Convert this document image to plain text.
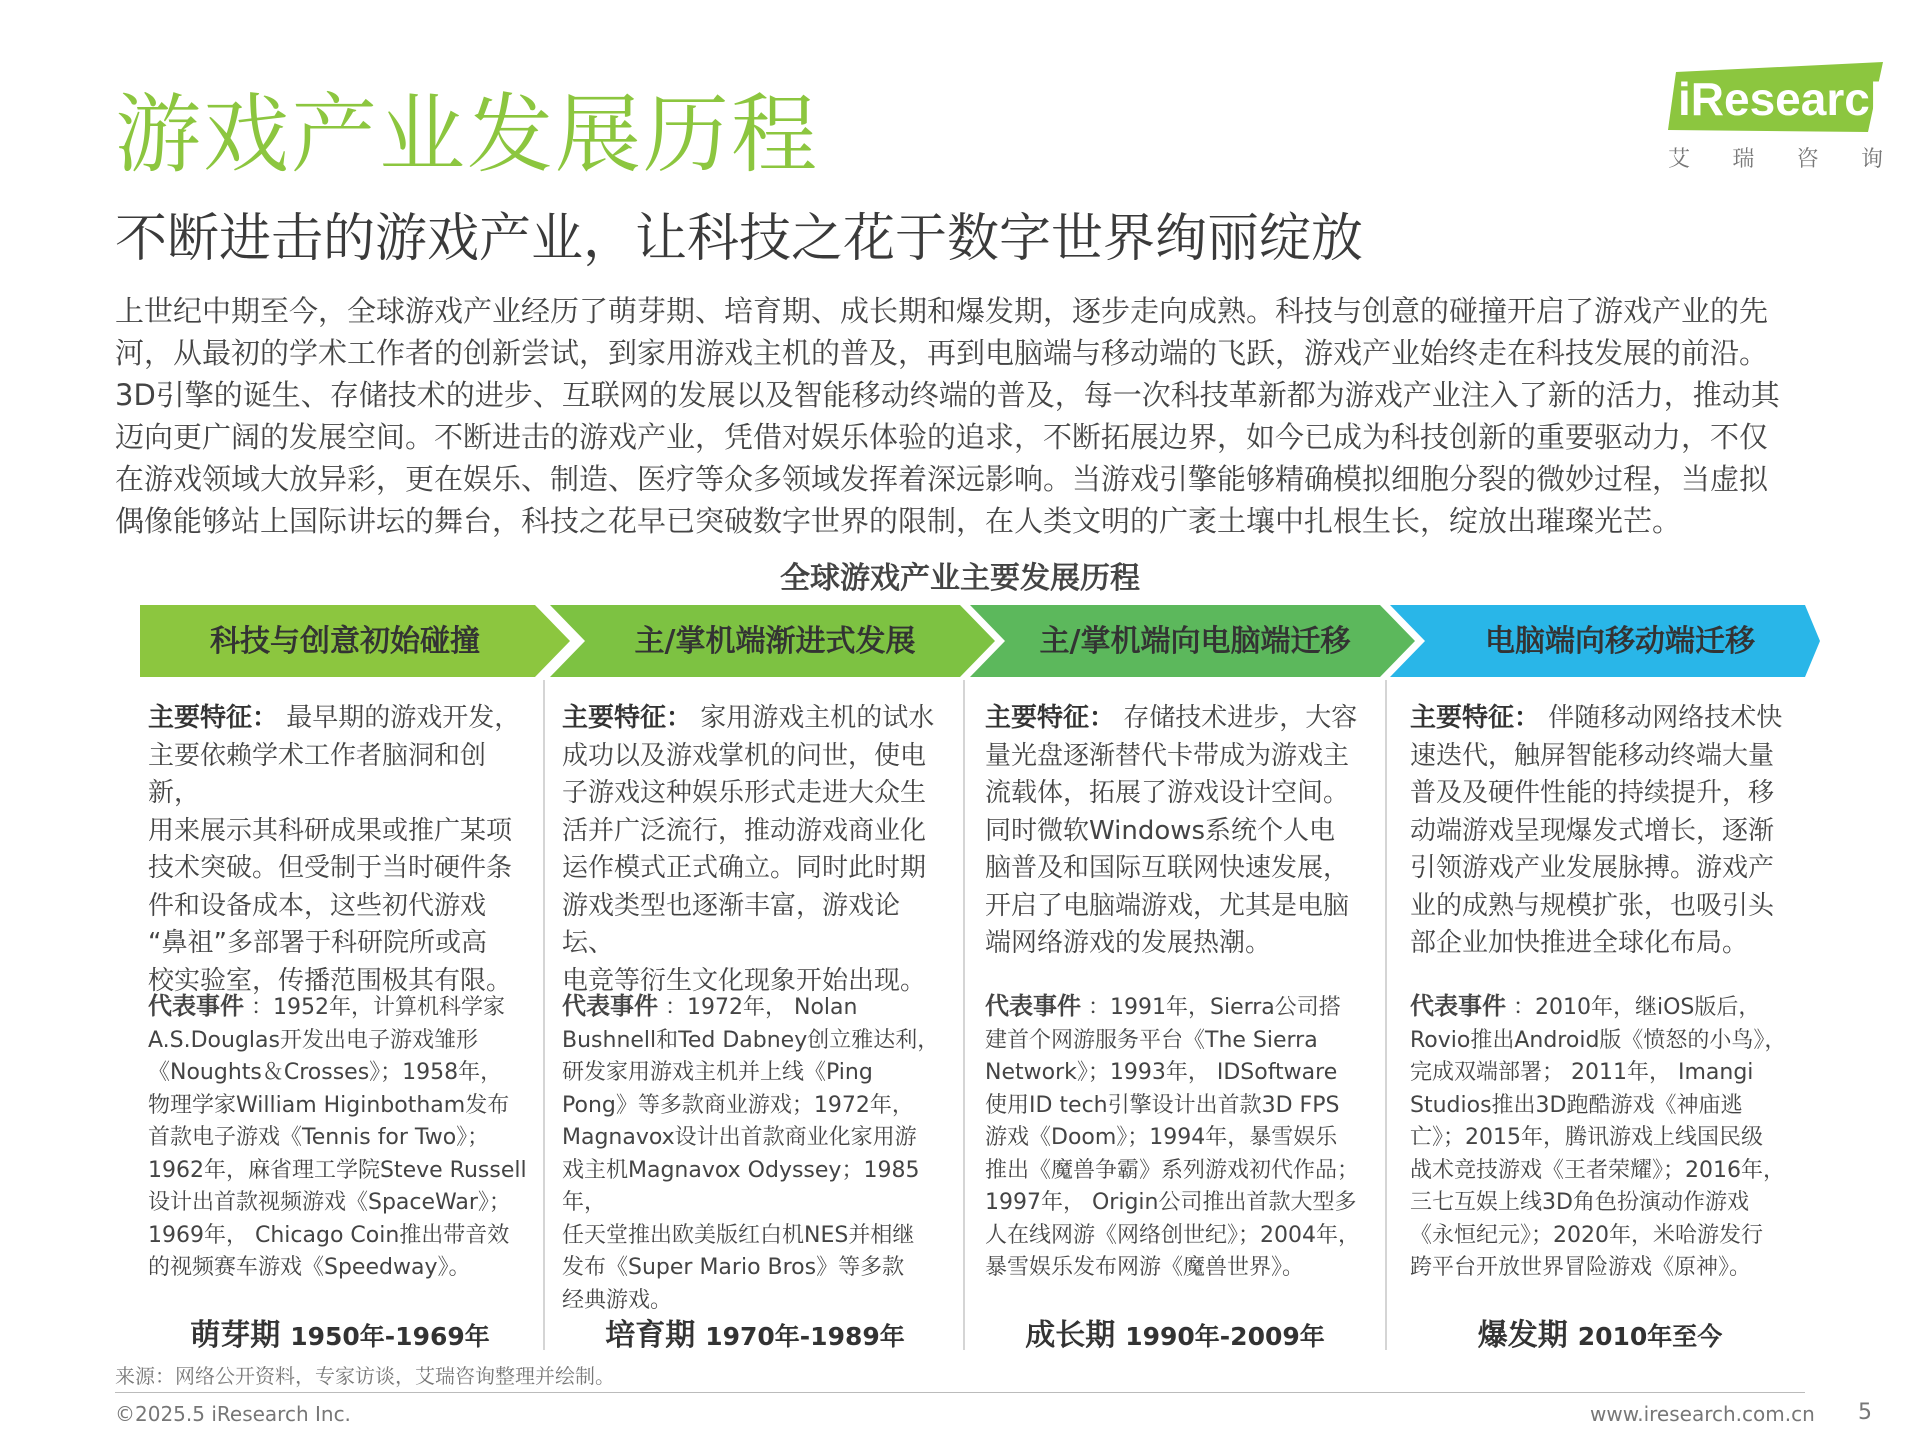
游戏产业发展历程
不断进击的游戏产业，让科技之花于数字世界绚丽绽放
iResearch
艾 瑞 咨 询

上世纪中期至今，全球游戏产业经历了萌芽期、培育期、成长期和爆发期，逐步走向成熟。科技与创意的碰撞开启了游戏产业的先

河，从最初的学术工作者的创新尝试，到家用游戏主机的普及，再到电脑端与移动端的飞跃，游戏产业始终走在科技发展的前沿。

3D引擎的诞生、存储技术的进步、互联网的发展以及智能移动终端的普及，每一次科技革新都为游戏产业注入了新的活力，推动其

迈向更广阔的发展空间。不断进击的游戏产业，凭借对娱乐体验的追求，不断拓展边界，如今已成为科技创新的重要驱动力，不仅

在游戏领域大放异彩，更在娱乐、制造、医疗等众多领域发挥着深远影响。当游戏引擎能够精确模拟细胞分裂的微妙过程，当虚拟

偶像能够站上国际讲坛的舞台，科技之花早已突破数字世界的限制，在人类文明的广袤土壤中扎根生长，绽放出璀璨光芒。

全球游戏产业主要发展历程
科技与创意初始碰撞	主/掌机端渐进式发展	主/掌机端向电脑端迁移	电脑端向移动端迁移
主要特征： 最早期的游戏开发，
主要依赖学术工作者脑洞和创新，
用来展示其科研成果或推广某项
技术突破。但受制于当时硬件条
件和设备成本，这些初代游戏
“鼻祖”多部署于科研院所或高
校实验室，传播范围极其有限。
代表事件 ：1952年，计算机科学家
A.S.Douglas开发出电子游戏雏形
《Noughts＆Crosses》；1958年，
物理学家William Higinbotham发布
首款电子游戏《Tennis for Two》；
1962年，麻省理工学院Steve Russell
设计出首款视频游戏《SpaceWar》；
1969年， Chicago Coin推出带音效
的视频赛车游戏《Speedway》。
萌芽期 1950年-1969年
主要特征： 家用游戏主机的试水
成功以及游戏掌机的问世，使电
子游戏这种娱乐形式走进大众生
活并广泛流行，推动游戏商业化
运作模式正式确立。同时此时期
游戏类型也逐渐丰富，游戏论坛、
电竞等衍生文化现象开始出现。
代表事件 ：1972年， Nolan
Bushnell和Ted Dabney创立雅达利，
研发家用游戏主机并上线《Ping
Pong》等多款商业游戏；1972年，
Magnavox设计出首款商业化家用游
戏主机Magnavox Odyssey；1985年，
任天堂推出欧美版红白机NES并相继
发布《Super Mario Bros》等多款
经典游戏。
培育期 1970年-1989年
主要特征： 存储技术进步，大容
量光盘逐渐替代卡带成为游戏主
流载体，拓展了游戏设计空间。
同时微软Windows系统个人电
脑普及和国际互联网快速发展，
开启了电脑端游戏，尤其是电脑
端网络游戏的发展热潮。
代表事件 ：1991年，Sierra公司搭
建首个网游服务平台《The Sierra
Network》；1993年， IDSoftware
使用ID tech引擎设计出首款3D FPS
游戏《Doom》；1994年，暴雪娱乐
推出《魔兽争霸》系列游戏初代作品；
1997年， Origin公司推出首款大型多
人在线网游《网络创世纪》；2004年，
暴雪娱乐发布网游《魔兽世界》。
成长期 1990年-2009年
主要特征： 伴随移动网络技术快
速迭代，触屏智能移动终端大量
普及及硬件性能的持续提升，移
动端游戏呈现爆发式增长，逐渐
引领游戏产业发展脉搏。游戏产
业的成熟与规模扩张，也吸引头
部企业加快推进全球化布局。
代表事件 ：2010年，继iOS版后，
Rovio推出Android版《愤怒的小鸟》，
完成双端部署； 2011年， Imangi
Studios推出3D跑酷游戏《神庙逃
亡》；2015年，腾讯游戏上线国民级
战术竞技游戏《王者荣耀》；2016年，
三七互娱上线3D角色扮演动作游戏
《永恒纪元》；2020年，米哈游发行
跨平台开放世界冒险游戏《原神》。
爆发期 2010年至今
来源：网络公开资料，专家访谈，艾瑞咨询整理并绘制。
©2025.5 iResearch Inc.	www.iresearch.com.cn 5
